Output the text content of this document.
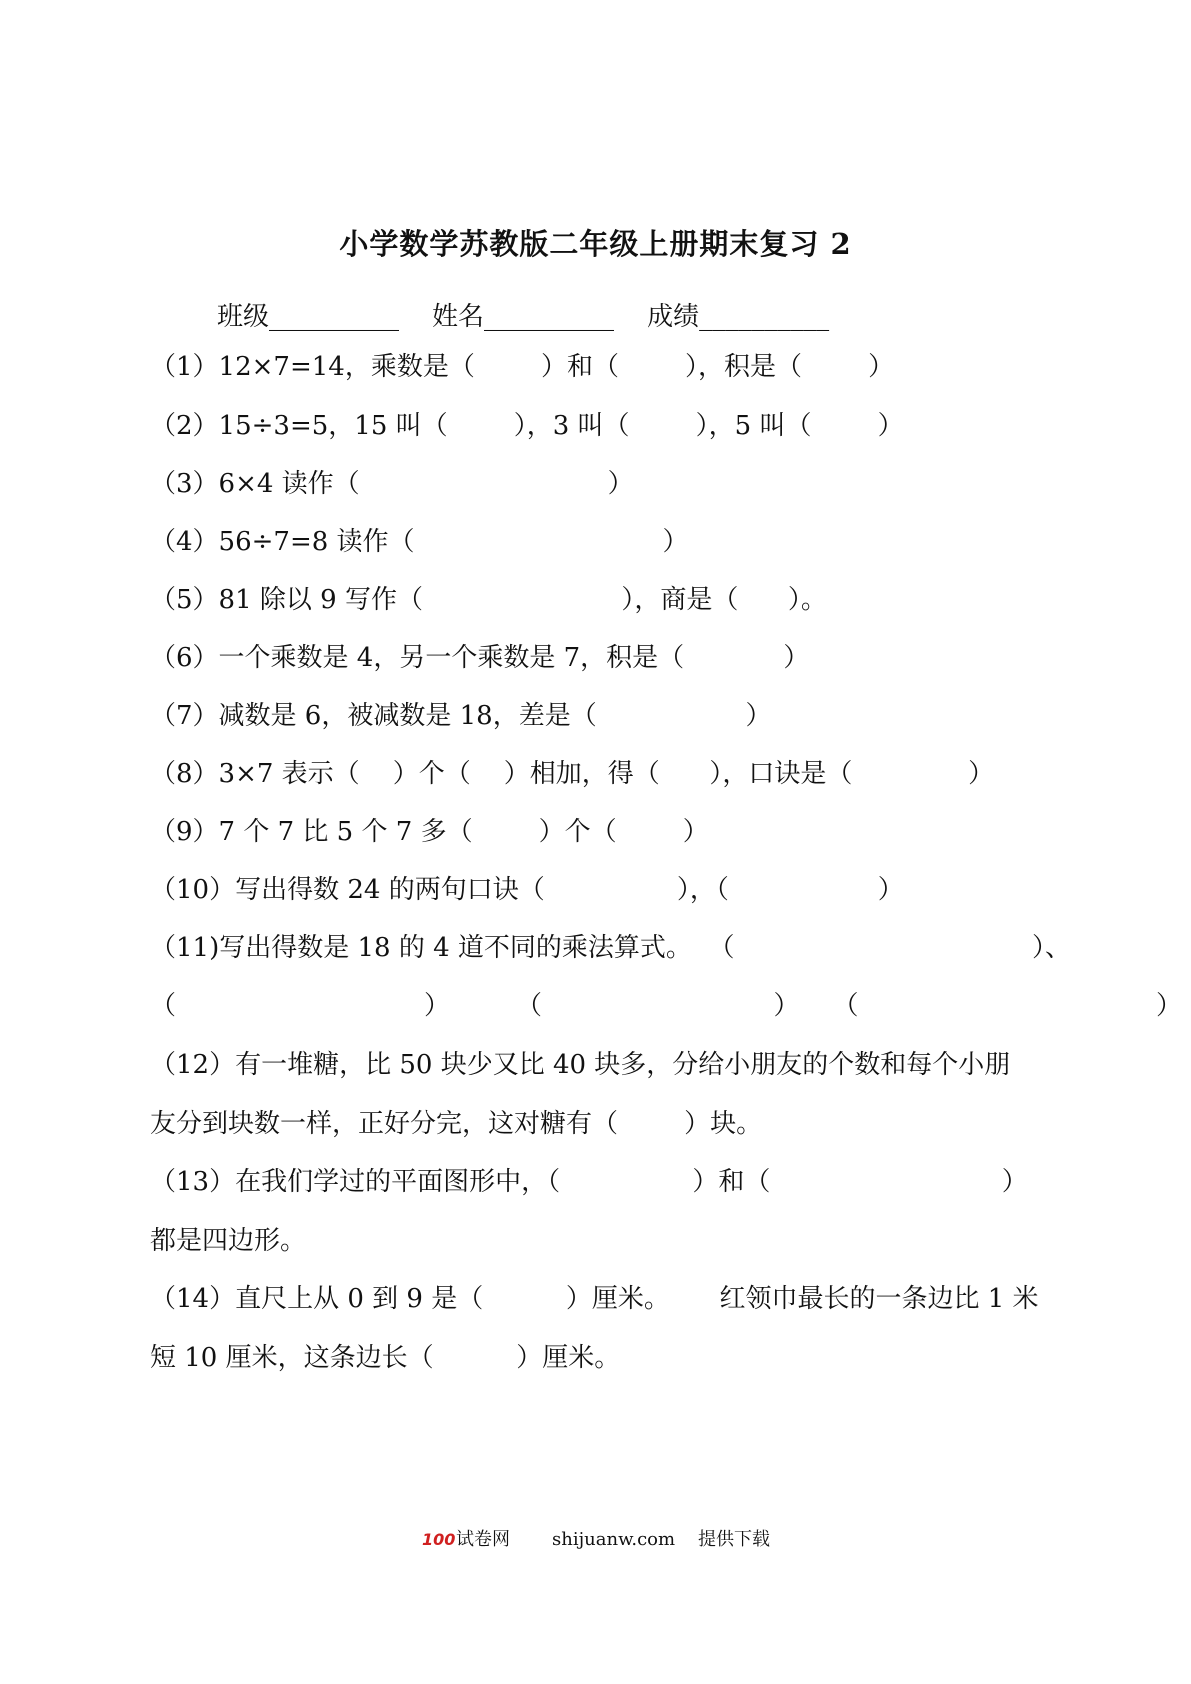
小学数学苏教版二年级上册期末复习 2
班级__________    姓名__________    成绩__________
（1）12×7=14，乘数是（        ）和（        ），积是（        ）
（2）15÷3=5，15 叫（        ），3 叫（        ），5 叫（        ）
（3）6×4 读作（                              ）
（4）56÷7=8 读作（                              ）
（5）81 除以 9 写作（                        ），商是（      ）。
（6）一个乘数是 4，另一个乘数是 7，积是（            ）
（7）减数是 6，被减数是 18，差是（                  ）
（8）3×7 表示（    ）个（    ）相加，得（      ），口诀是（              ）
（9）7 个 7 比 5 个 7 多（        ）个（        ）
（10）写出得数 24 的两句口诀（                ），（                  ）
（11)写出得数是 18 的 4 道不同的乘法算式。  （                                    ）、
（                              ）        （                            ）    （                                    ）
（12）有一堆糖，比 50 块少又比 40 块多，分给小朋友的个数和每个小朋
友分到块数一样，正好分完，这对糖有（        ）块。
（13）在我们学过的平面图形中，（                ）和（                            ）
都是四边形。
（14）直尺上从 0 到 9 是（          ）厘米。      红领巾最长的一条边比 1 米
短 10 厘米，这条边长（          ）厘米。
100 试卷网 shijuanw.com 提供下载
